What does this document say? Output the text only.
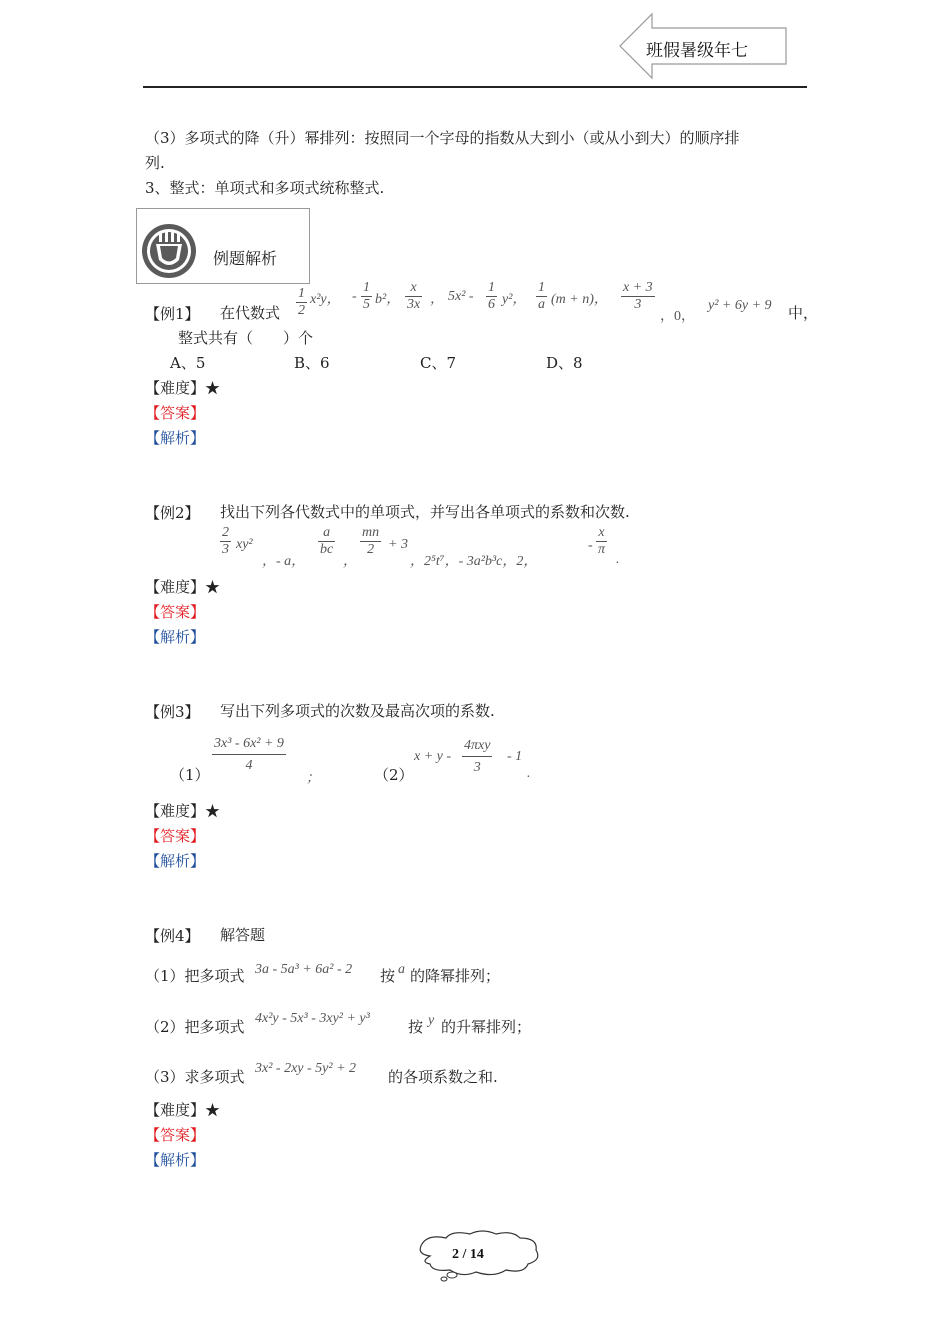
班假暑级年七
（3）多项式的降（升）幂排列：按照同一个字母的指数从大到小（或从小到大）的顺序排
列.
3、整式：单项式和多项式统称整式.
例题解析
【例1】 在代数式 $\frac{1}{2} x^2y$， - $\frac{1}{5} b^2$， $\frac{x}{3x}$ ， $5x^2 - \frac{1}{6} y^2$， $\frac{1}{a} (m + n)$， $\frac{x + 3}{3}$
，0，
y² + 6y + 9 中，
整式共有（　　）个
A、5	B、6	C、7	D、8
【难度】★
【答案】
【解析】
【例2】 找出下列各代数式中的单项式，并写出各单项式的系数和次数.
$\frac{2}{3} xy^2$
，- a，
$\frac{a}{bc}$
，
$\frac{mn}{2} + 3$
，2⁵t⁷，- 3a²b³c，2，
- $\frac{x}{\pi}$
.
【难度】★
【答案】
【解析】
【例3】 写出下列多项式的次数及最高次项的系数.
（1）
$\frac{\text{3x³ - 6x² + 9}}{4}$
；	（2）
x + y -
4πxy
3
- 1
.
【难度】★
【答案】
【解析】
【例4】 解答题
（1）把多项式 3a - 5a³ + 6a² - 2 按 a 的降幂排列；
（2）把多项式 4x²y - 5x³ - 3xy² + y³	按 y 的升幂排列；
（3）求多项式 3x² - 2xy - 5y² + 2 的各项系数之和.
【难度】★
【答案】
【解析】
2 / 14
